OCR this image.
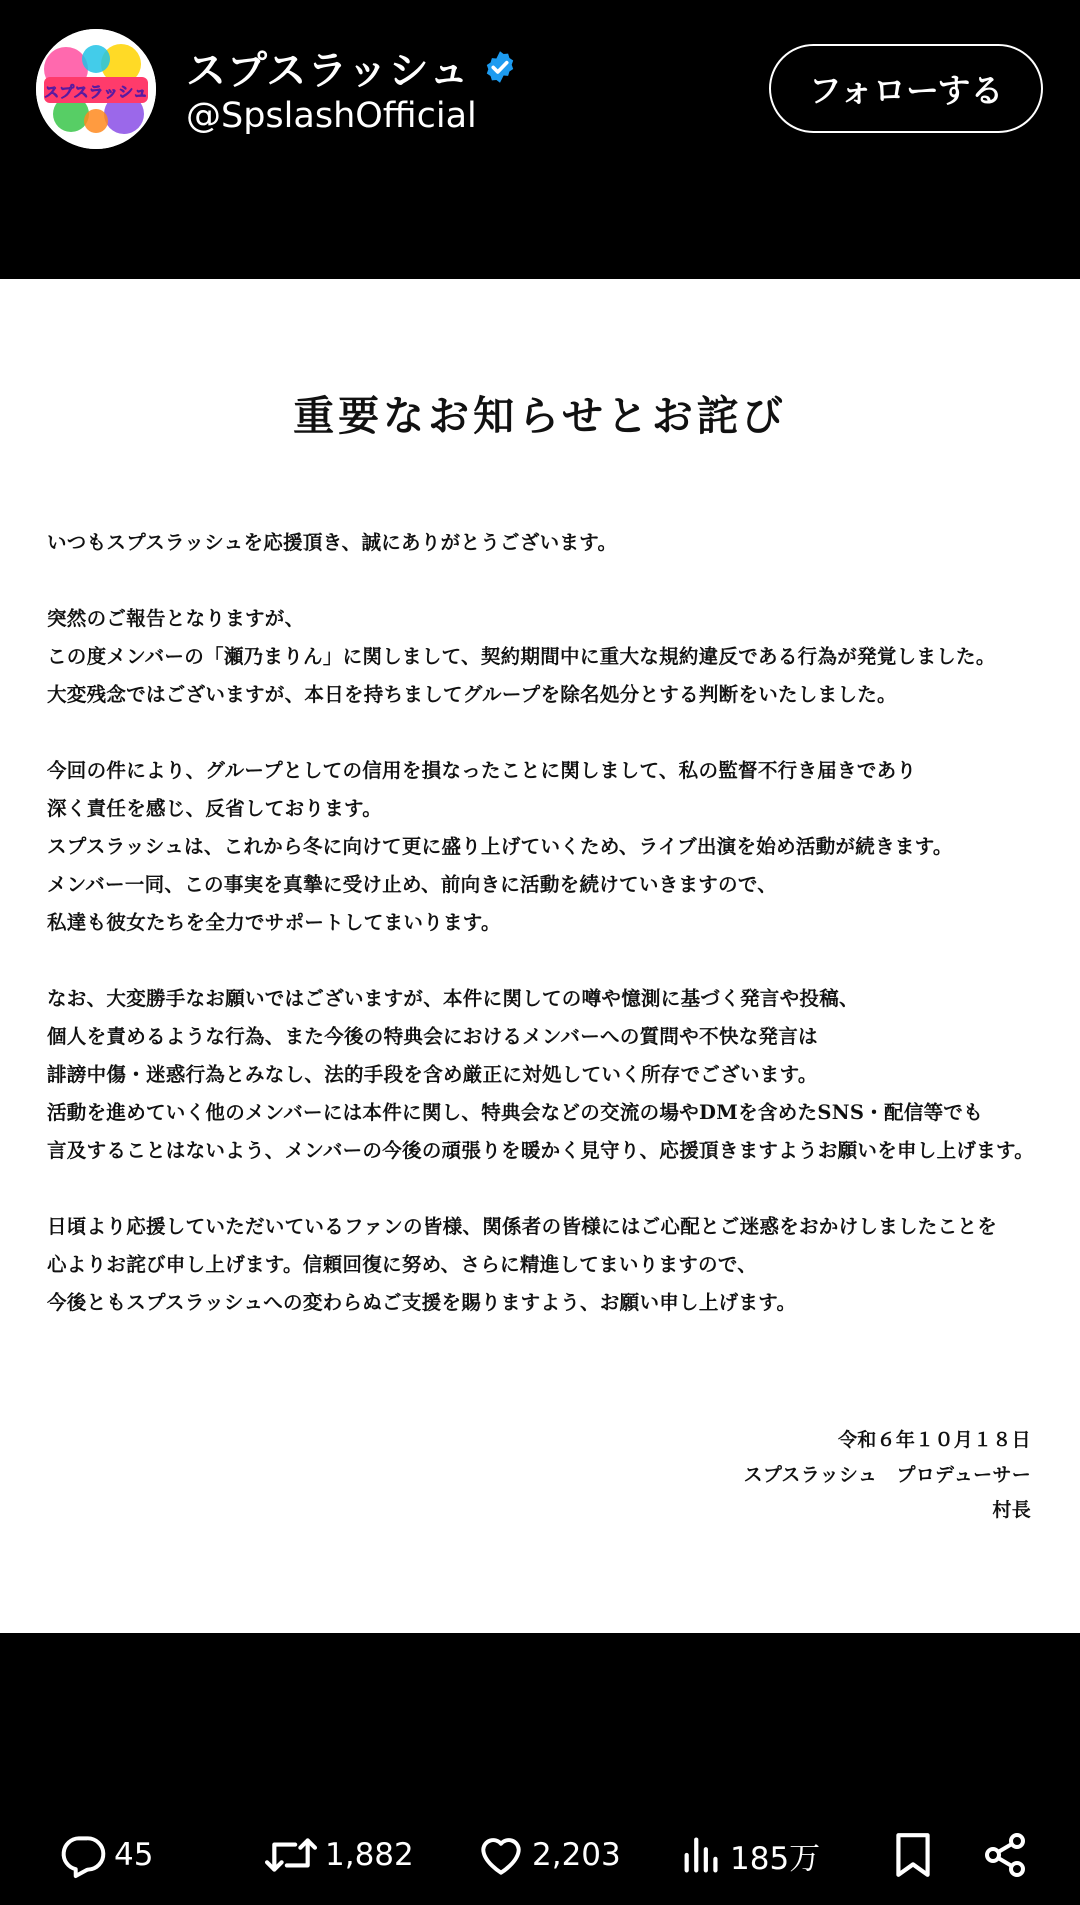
スプスラッシュ スプスラッシュ
@SpslashOfficial
フォローする
重要なお知らせとお詫び
いつもスプスラッシュを応援頂き、誠にありがとうございます。
突然のご報告となりますが、
この度メンバーの「瀬乃まりん」に関しまして、契約期間中に重大な規約違反である行為が発覚しました。
大変残念ではございますが、本日を持ちましてグループを除名処分とする判断をいたしました。
今回の件により、グループとしての信用を損なったことに関しまして、私の監督不行き届きであり
深く責任を感じ、反省しております。
スプスラッシュは、これから冬に向けて更に盛り上げていくため、ライブ出演を始め活動が続きます。
メンバー一同、この事実を真摯に受け止め、前向きに活動を続けていきますので、
私達も彼女たちを全力でサポートしてまいります。
なお、大変勝手なお願いではございますが、本件に関しての噂や憶測に基づく発言や投稿、
個人を責めるような行為、また今後の特典会におけるメンバーへの質問や不快な発言は
誹謗中傷・迷惑行為とみなし、法的手段を含め厳正に対処していく所存でございます。
活動を進めていく他のメンバーには本件に関し、特典会などの交流の場やDMを含めたSNS・配信等でも
言及することはないよう、メンバーの今後の頑張りを暖かく見守り、応援頂きますようお願いを申し上げます。
日頃より応援していただいているファンの皆様、関係者の皆様にはご心配とご迷惑をおかけしましたことを
心よりお詫び申し上げます。信頼回復に努め、さらに精進してまいりますので、
今後ともスプスラッシュへの変わらぬご支援を賜りますよう、お願い申し上げます。
令和６年１０月１８日
スプスラッシュ　プロデューサー
村長
45	1,882	2,203	185万
